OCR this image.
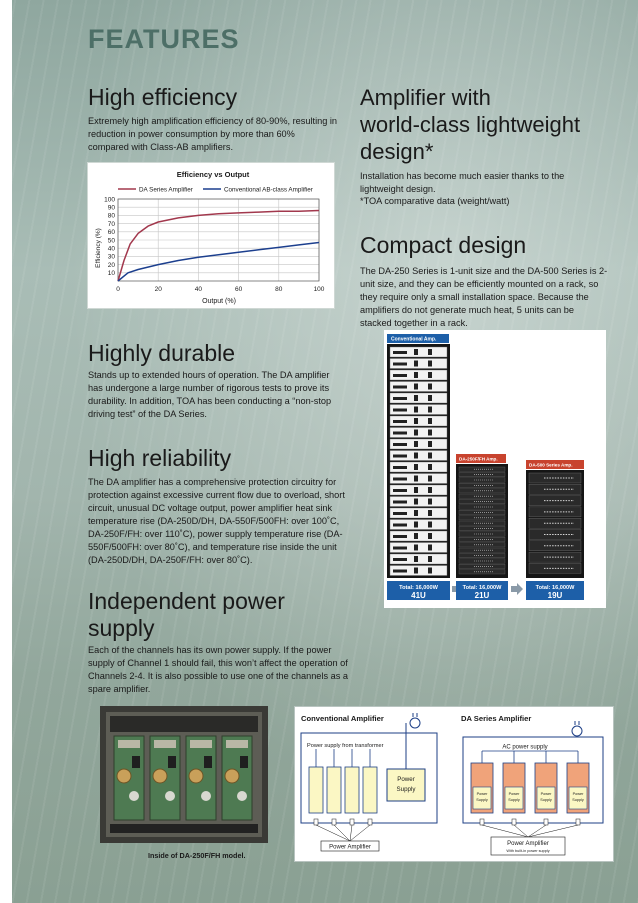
FEATURES
High efficiency
Extremely high amplification efficiency of 80-90%, resulting in reduction in power consumption by more than 60% compared with Class-AB amplifiers.
Efficiency vs Output
DA Series Amplifier	Conventional AB-class Amplifier
Efficiency (%)
Output (%)
10
20
30
40
50
60
70
80
90
100
0	20	40	60	80	100
Amplifier with
world-class lightweight
design*
Installation has become much easier thanks to the lightweight design.
*TOA comparative data (weight/watt)
Compact design
The DA-250 Series is 1-unit size and the DA-500 Series is 2-unit size, and they can be efficiently mounted on a rack, so they require only a small installation space. Because the amplifiers do not generate much heat, 5 units can be stacked together in a rack.
Highly durable
Stands up to extended hours of operation. The DA amplifier has undergone a large number of rigorous tests to prove its durability. In addition, TOA has been conducting a “non-stop driving test” of the DA Series.
High reliability
The DA amplifier has a comprehensive protection circuitry for protection against excessive current flow due to overload, short circuit, unusual DC voltage output, power amplifier heat sink temperature rise (DA-250D/DH, DA-550F/500FH: over 100˚C, DA-250F/FH: over 110˚C), power supply temperature rise (DA-550F/500FH: over 80˚C), and temperature rise inside the unit (DA-250D/DH, DA-250F/FH: over 80˚C).
Independent power
supply
Each of the channels has its own power supply. If the power supply of Channel 1 should fail, this won’t affect the operation of Channels 2-4. It is also possible to use one of the channels as a spare amplifier.
Conventional Amp.
DA-250F/FH Amp.
DA-500 Series Amp.
Total: 16,000W
41U
Total: 16,000W
21U
Total: 16,000W
19U
Inside of DA-250F/FH model.
Conventional Amplifier
Power supply from transformer
Power
Supply
Power Amplifier
DA Series Amplifier
AC power supply
Power
Supply
Power
Supply
Power
Supply
Power
Supply
Power Amplifier
With built-in power supply
